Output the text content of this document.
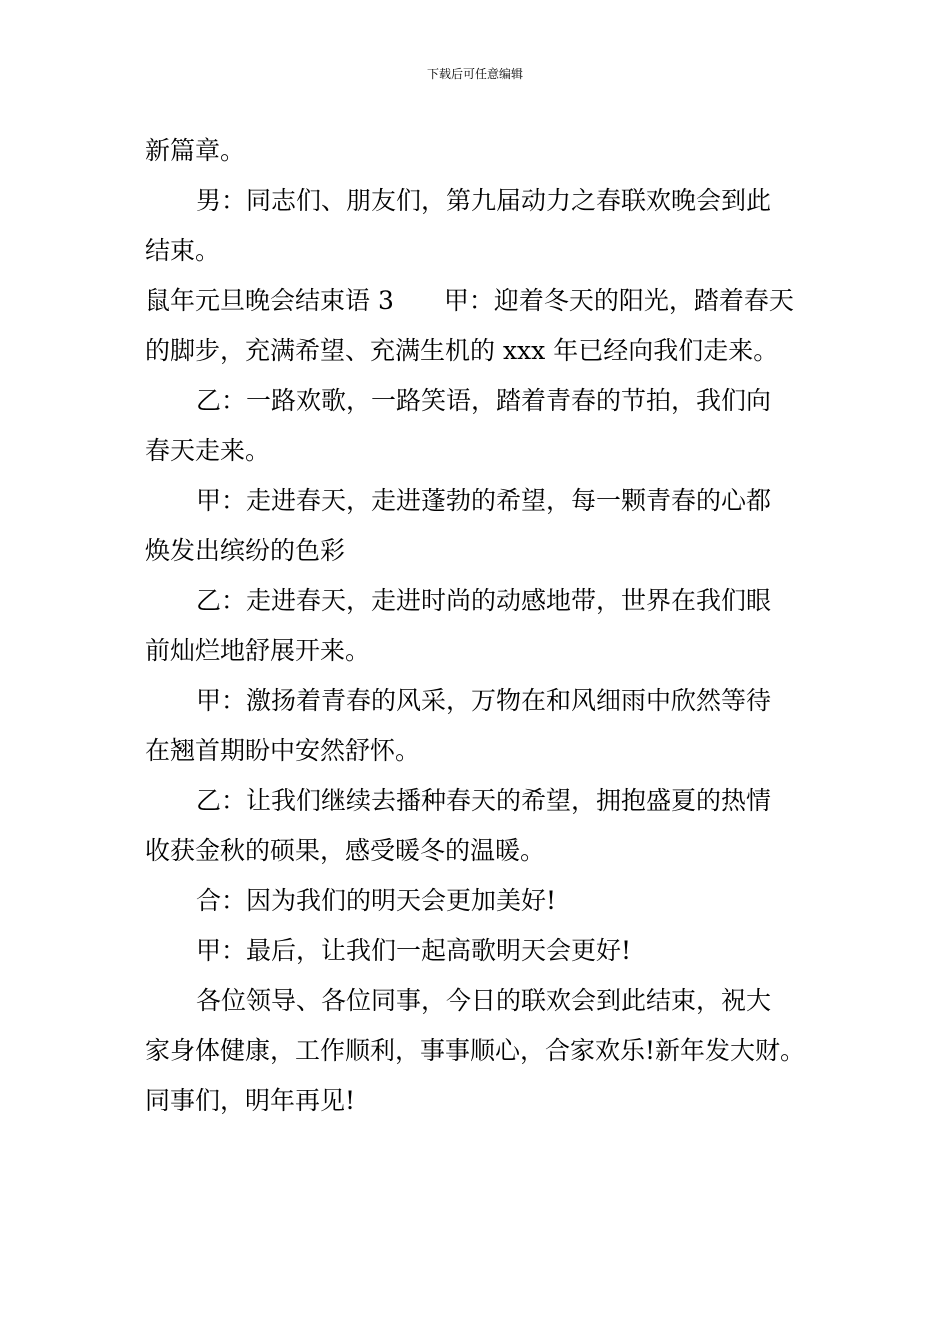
下载后可任意编辑
新篇章。
男：同志们、朋友们，第九届动力之春联欢晚会到此
结束。
鼠年元旦晚会结束语 3　　甲：迎着冬天的阳光，踏着春天
的脚步，充满希望、充满生机的 xxx 年已经向我们走来。
乙：一路欢歌，一路笑语，踏着青春的节拍，我们向
春天走来。
甲：走进春天，走进蓬勃的希望，每一颗青春的心都
焕发出缤纷的色彩
乙：走进春天，走进时尚的动感地带，世界在我们眼
前灿烂地舒展开来。
甲：激扬着青春的风采，万物在和风细雨中欣然等待
在翘首期盼中安然舒怀。
乙：让我们继续去播种春天的希望，拥抱盛夏的热情
收获金秋的硕果，感受暖冬的温暖。
合：因为我们的明天会更加美好!
甲：最后，让我们一起高歌明天会更好!
各位领导、各位同事，今日的联欢会到此结束，祝大
家身体健康，工作顺利，事事顺心，合家欢乐!新年发大财。
同事们，明年再见!
